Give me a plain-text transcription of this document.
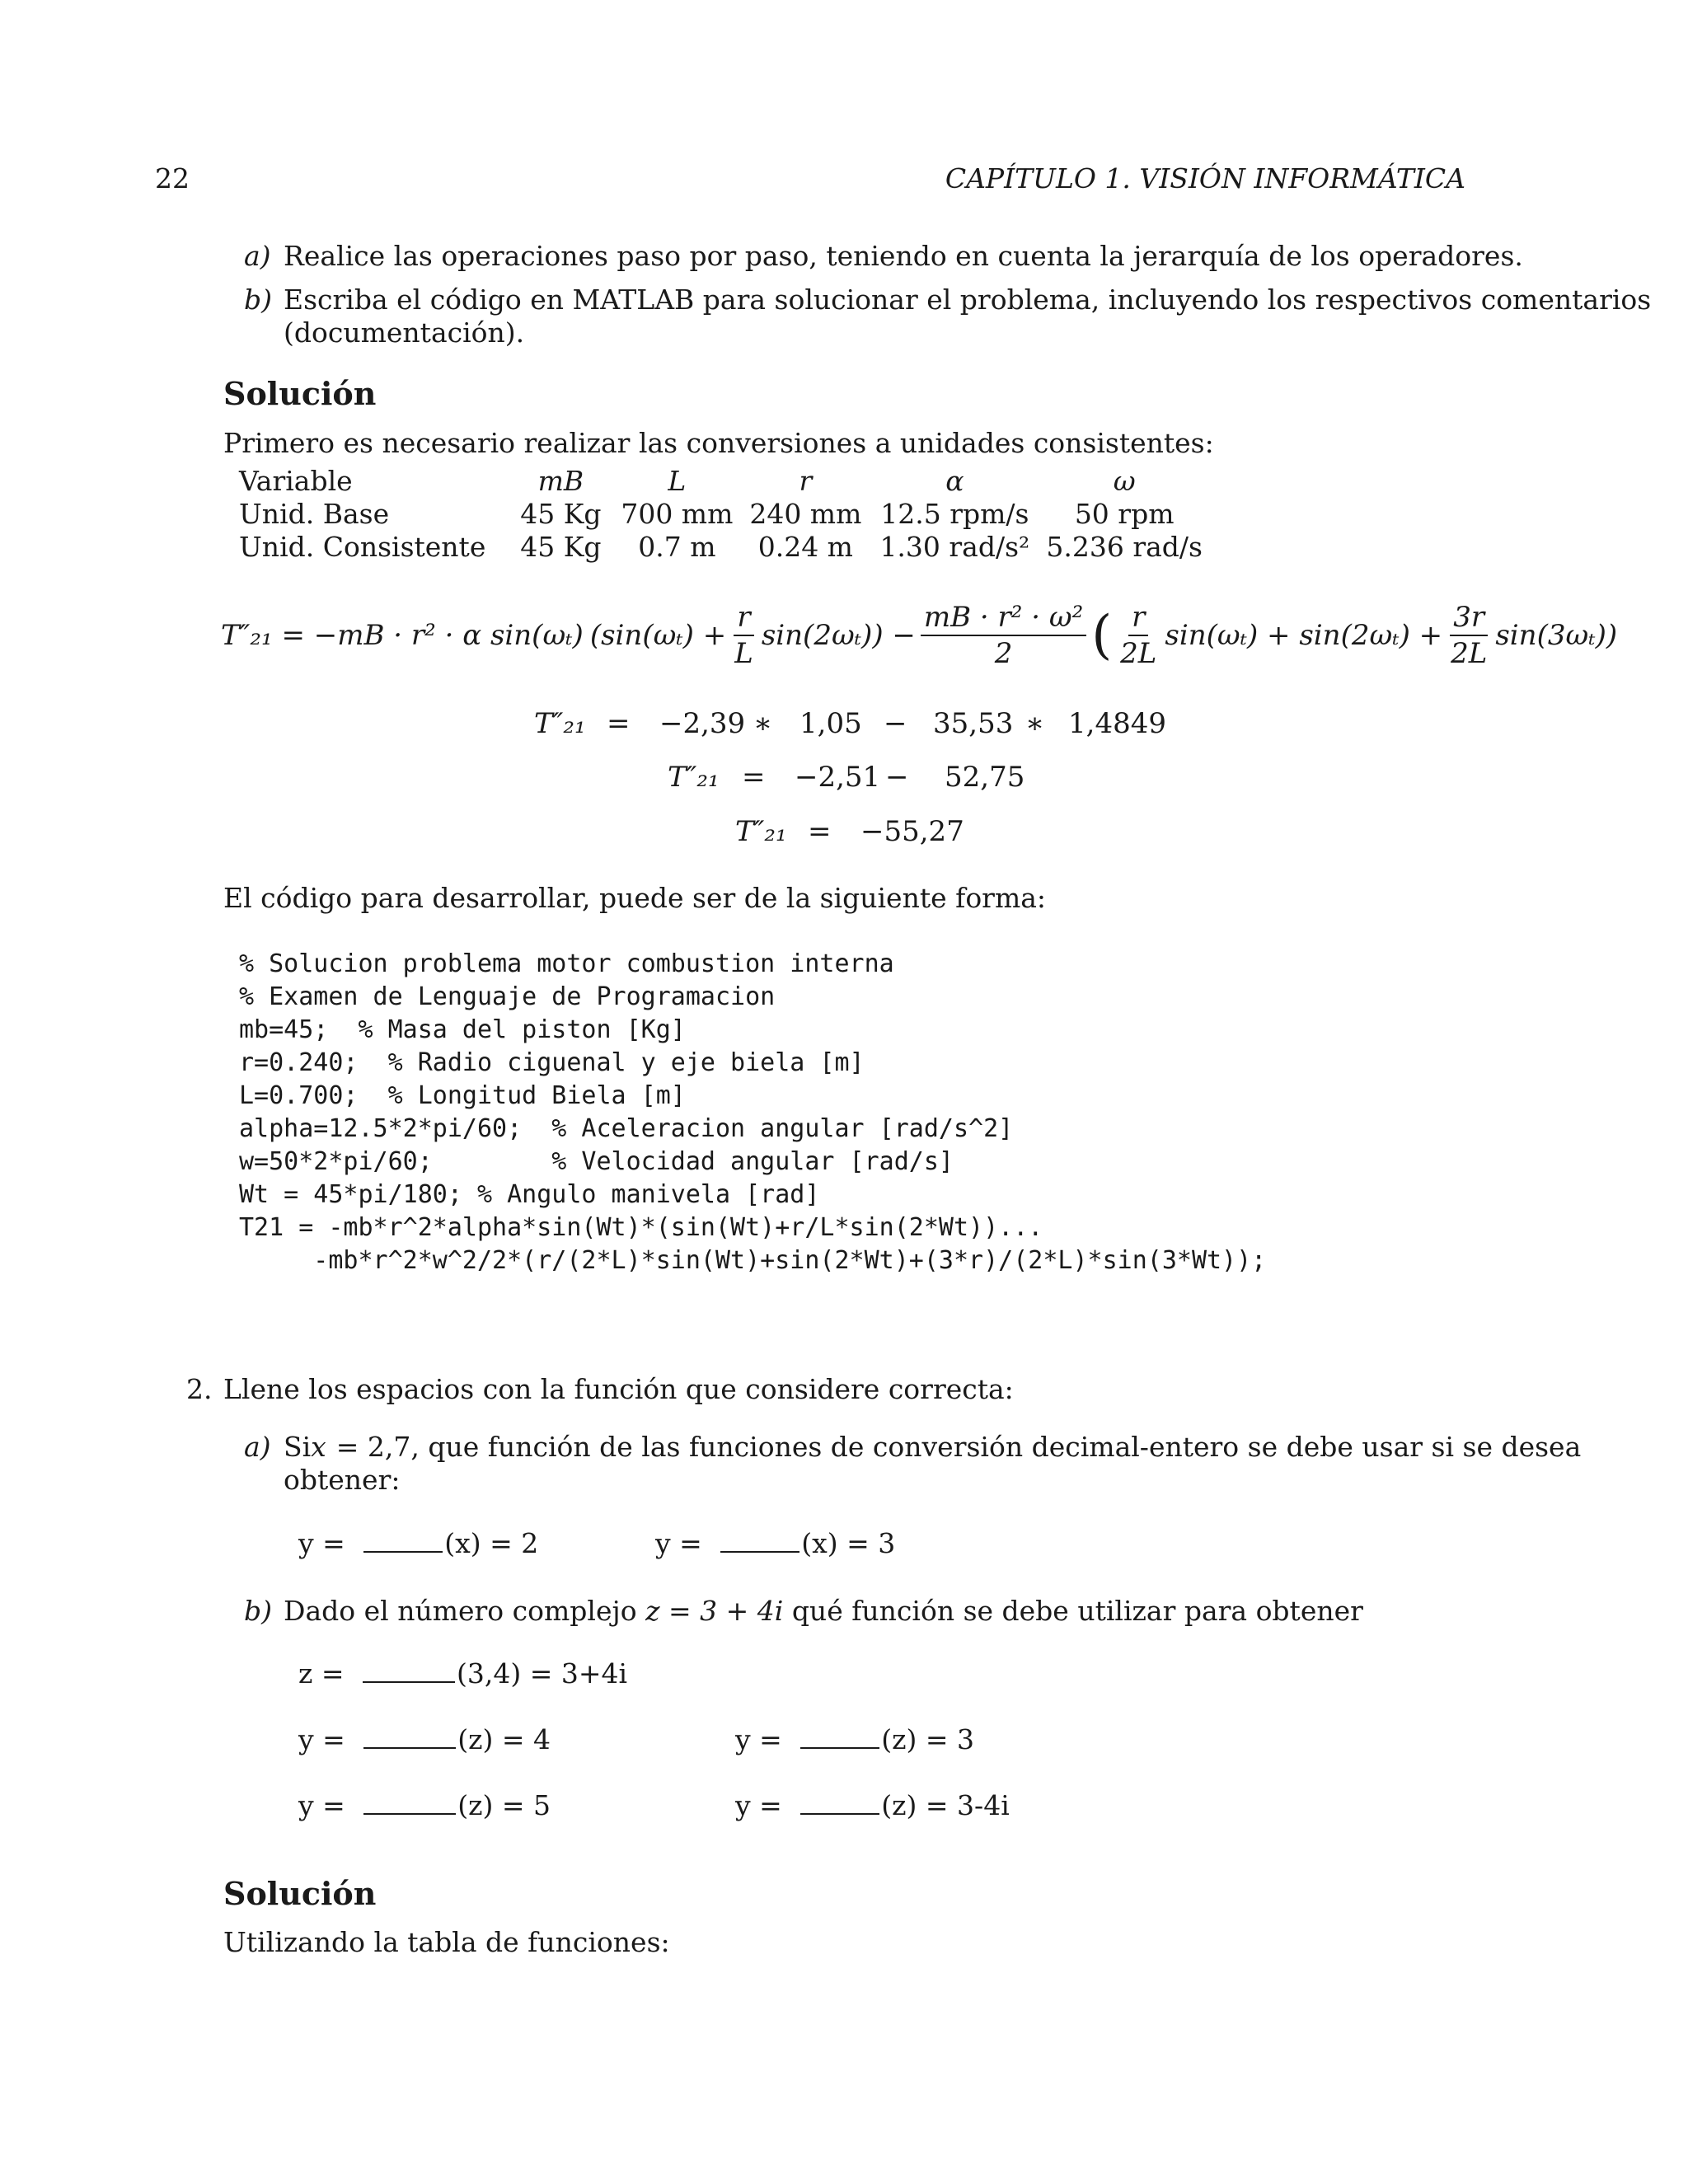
22	CAPÍTULO 1. VISIÓN INFORMÁTICA
a) Realice las operaciones paso por paso, teniendo en cuenta la jerarquía de los operadores.
b) Escriba el código en MATLAB para solucionar el problema, incluyendo los respectivos comentarios
(documentación).
Solución
Primero es necesario realizar las conversiones a unidades consistentes:
Variable	mB	L	r	α	ω
Unid. Base	45 Kg	700 mm	240 mm	12.5 rpm/s	50 rpm
Unid. Consistente	45 Kg	0.7 m	0.24 m	1.30 rad/s²	5.236 rad/s
T″₂₁ = −m B · r² · α sin(ωₜ) $(\sin(\omega_t) + \frac{r}{L} \sin(2\omega_t)) - \frac{\text{mB · r² · ω²}}{2}$ ( $\frac{r}{2L} \sin(\omega_t) + \sin(2\omega_t) + \frac{3r}{2L} \sin(3\omega_t)$)
T″₂₁ = −2,39 ∗ 1,05 − 35,53 ∗ 1,4849
T″₂₁ = −2,51 − 52,75
T″₂₁ = −55,27
El código para desarrollar, puede ser de la siguiente forma:
% Solucion problema motor combustion interna
% Examen de Lenguaje de Programacion
mb=45;  % Masa del piston [Kg]
r=0.240;  % Radio ciguenal y eje biela [m]
L=0.700;  % Longitud Biela [m]
alpha=12.5*2*pi/60;  % Aceleracion angular [rad/s^2]
w=50*2*pi/60;        % Velocidad angular [rad/s]
Wt = 45*pi/180; % Angulo manivela [rad]
T21 = -mb*r^2*alpha*sin(Wt)*(sin(Wt)+r/L*sin(2*Wt))...
-mb*r^2*w^2/2*(r/(2*L)*sin(Wt)+sin(2*Wt)+(3*r)/(2*L)*sin(3*Wt));
2. Llene los espacios con la función que considere correcta:
a) Si x = 2,7, que función de las funciones de conversión decimal-entero se debe usar si se desea
obtener:
y =	(x) = 2	y =	(x) = 3
b) Dado el número complejo z = 3 + 4i qué función se debe utilizar para obtener
z =	(3,4) = 3+4i
y =	(z) = 4	y =	(z) = 3
y =	(z) = 5	y =	(z) = 3-4i
Solución
Utilizando la tabla de funciones:
